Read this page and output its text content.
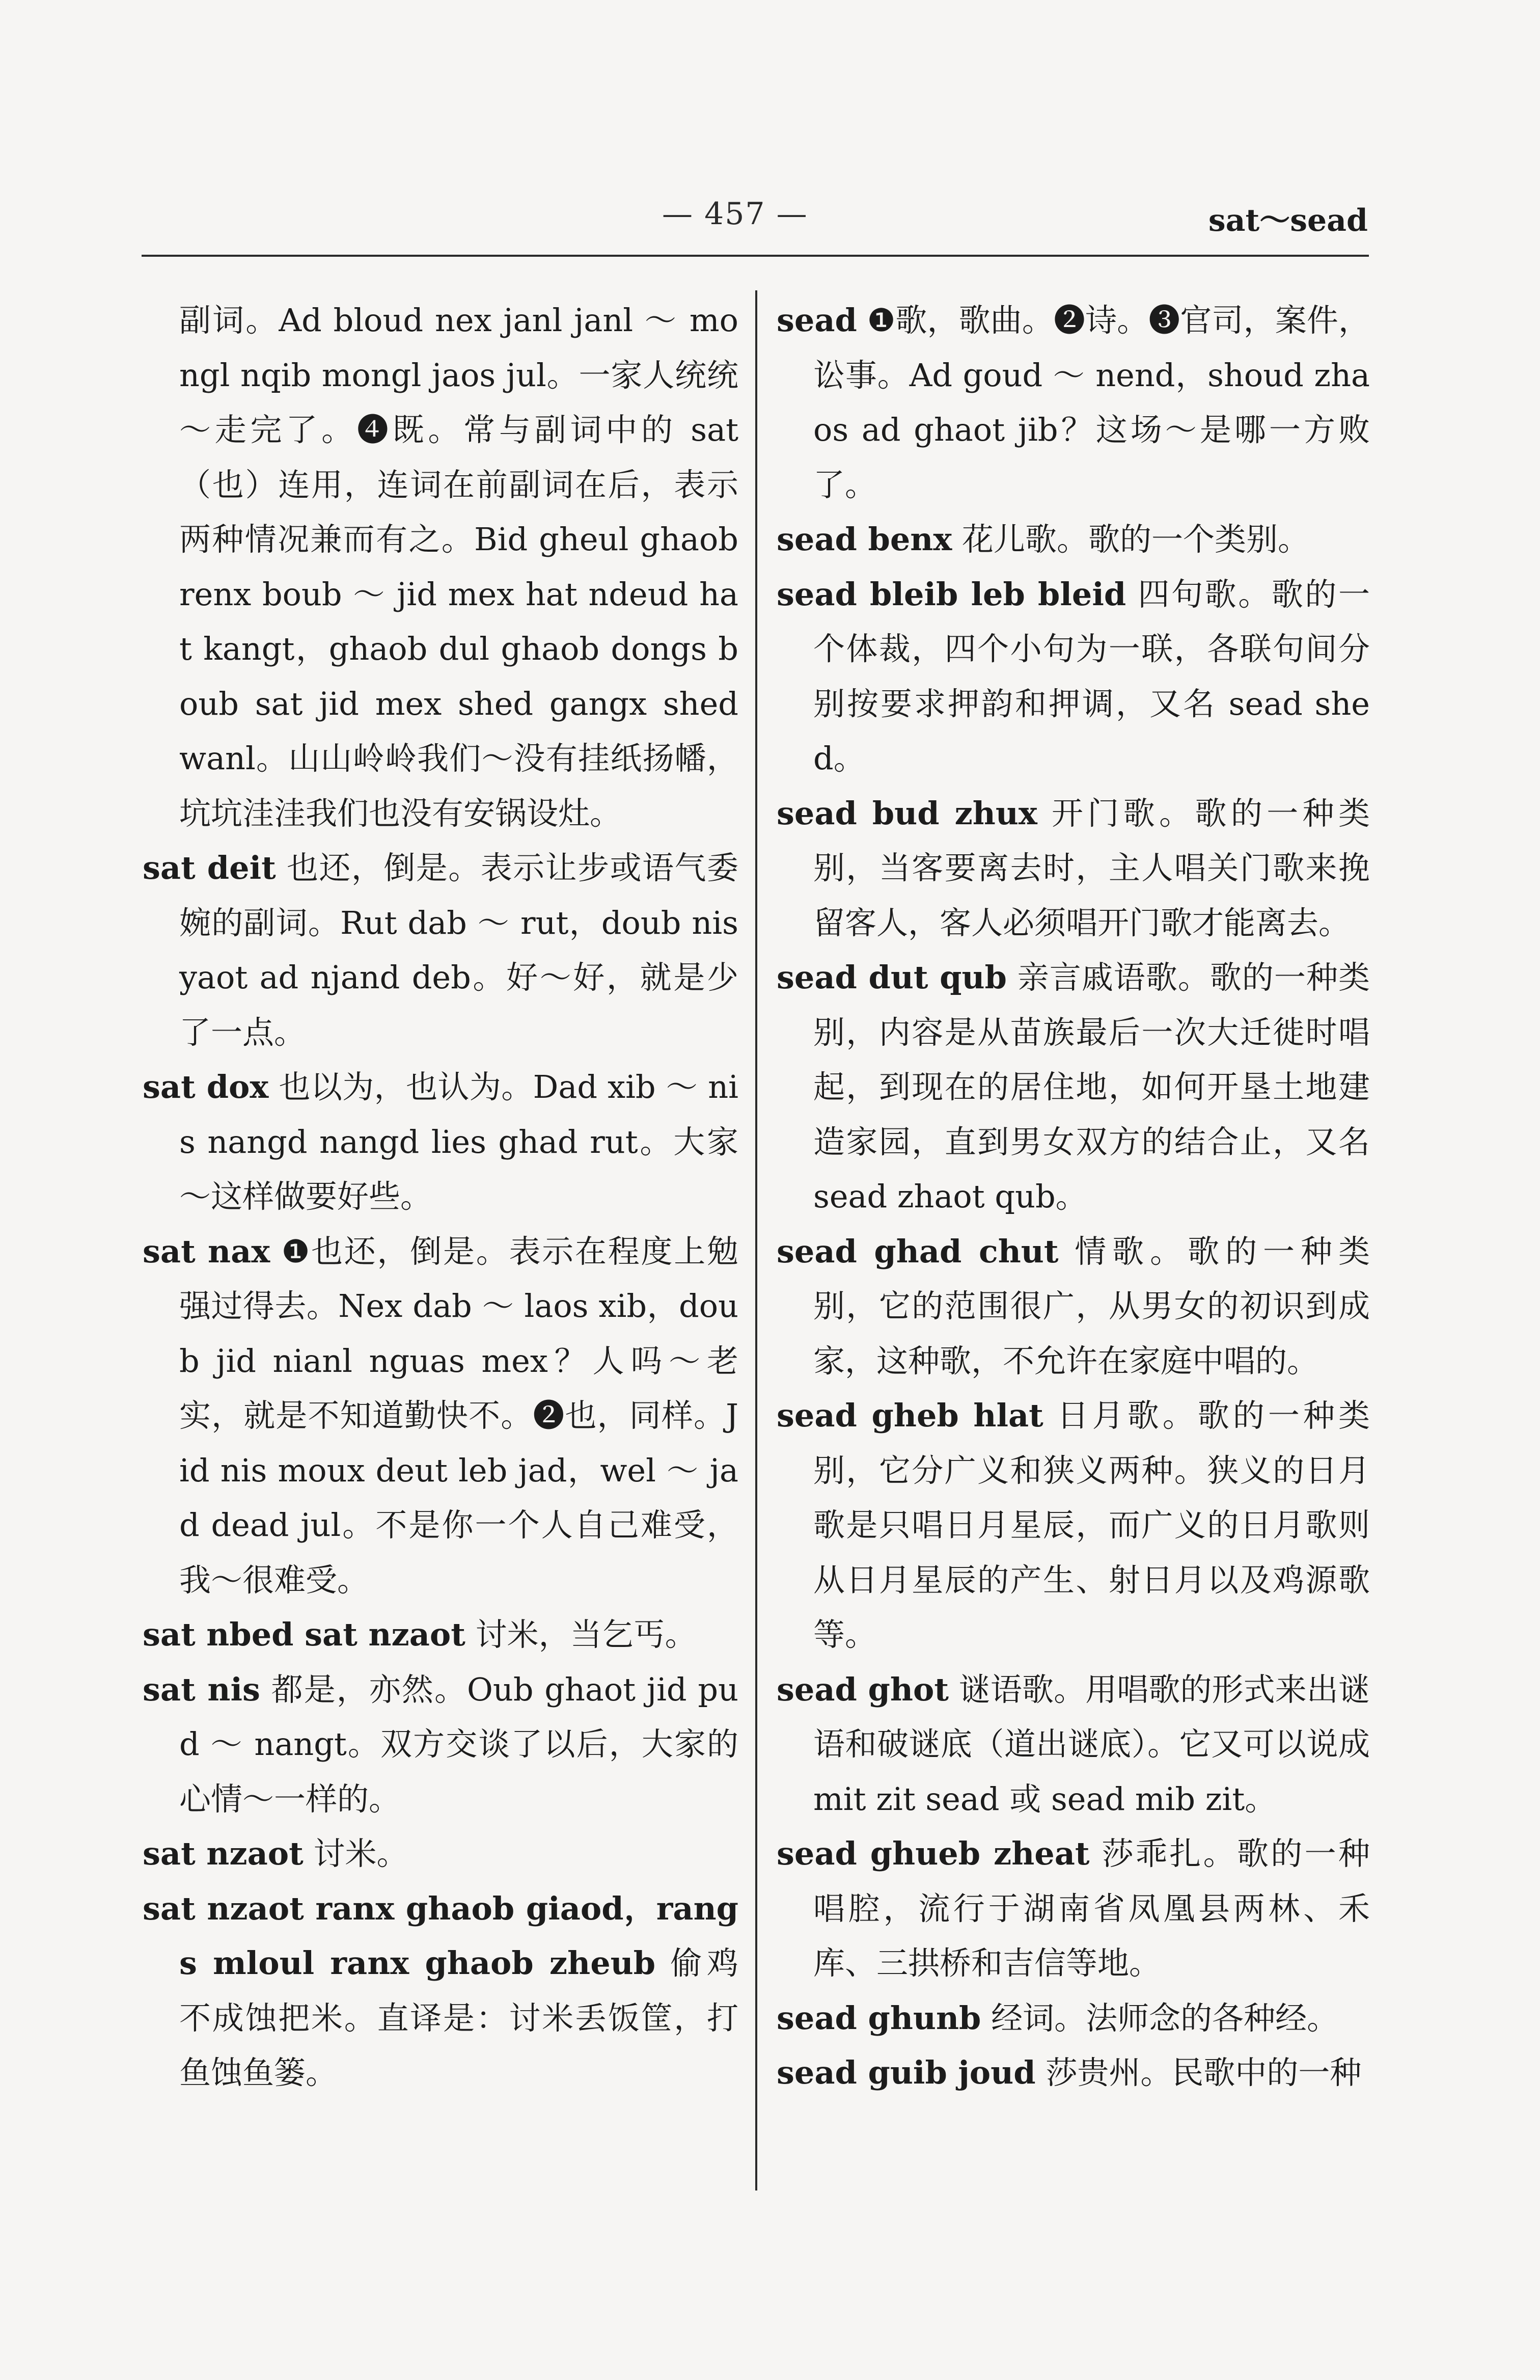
— 457 —	sat～sead

副词。Ad bloud nex janl janl ～ mongl nqib mongl jaos jul。一家人统统～走完了。❹既。常与副词中的 sat（也）连用，连词在前副词在后，表示两种情况兼而有之。Bid gheul ghaob renx boub ～ jid mex hat ndeud hat kangt，ghaob dul ghaob dongs boub sat jid mex shed gangx shed wanl。山山岭岭我们～没有挂纸扬幡，坑坑洼洼我们也没有安锅设灶。

sat deit 也还，倒是。表示让步或语气委婉的副词。Rut dab ～ rut，doub nis yaot ad njand deb。好～好，就是少了一点。

sat dox 也以为，也认为。Dad xib ～ nis nangd nangd lies ghad rut。大家～这样做要好些。

sat nax ❶也还，倒是。表示在程度上勉强过得去。Nex dab ～ laos xib，doub jid nianl nguas mex？人吗～老实，就是不知道勤快不。❷也，同样。Jid nis moux deut leb jad，wel ～ jad dead jul。不是你一个人自己难受，我～很难受。

sat nbed sat nzaot 讨米，当乞丐。

sat nis 都是，亦然。Oub ghaot jid pud ～ nangt。双方交谈了以后，大家的心情～一样的。

sat nzaot 讨米。

sat nzaot ranx ghaob giaod，rangs mloul ranx ghaob zheub 偷鸡不成蚀把米。直译是：讨米丢饭筐，打鱼蚀鱼篓。

sead ❶歌，歌曲。❷诗。❸官司，案件，讼事。Ad goud ～ nend，shoud zhaos ad ghaot jib？这场～是哪一方败了。

sead benx 花儿歌。歌的一个类别。

sead bleib leb bleid 四句歌。歌的一个体裁，四个小句为一联，各联句间分别按要求押韵和押调，又名 sead shed。

sead bud zhux 开门歌。歌的一种类别，当客要离去时，主人唱关门歌来挽留客人，客人必须唱开门歌才能离去。

sead dut qub 亲言戚语歌。歌的一种类别，内容是从苗族最后一次大迁徙时唱起，到现在的居住地，如何开垦土地建造家园，直到男女双方的结合止，又名 sead zhaot qub。

sead ghad chut 情歌。歌的一种类别，它的范围很广，从男女的初识到成家，这种歌，不允许在家庭中唱的。

sead gheb hlat 日月歌。歌的一种类别，它分广义和狭义两种。狭义的日月歌是只唱日月星辰，而广义的日月歌则从日月星辰的产生、射日月以及鸡源歌等。

sead ghot 谜语歌。用唱歌的形式来出谜语和破谜底（道出谜底）。它又可以说成 mit zit sead 或 sead mib zit。

sead ghueb zheat 莎乖扎。歌的一种唱腔，流行于湖南省凤凰县两林、禾库、三拱桥和吉信等地。

sead ghunb 经词。法师念的各种经。

sead guib joud 莎贵州。民歌中的一种
